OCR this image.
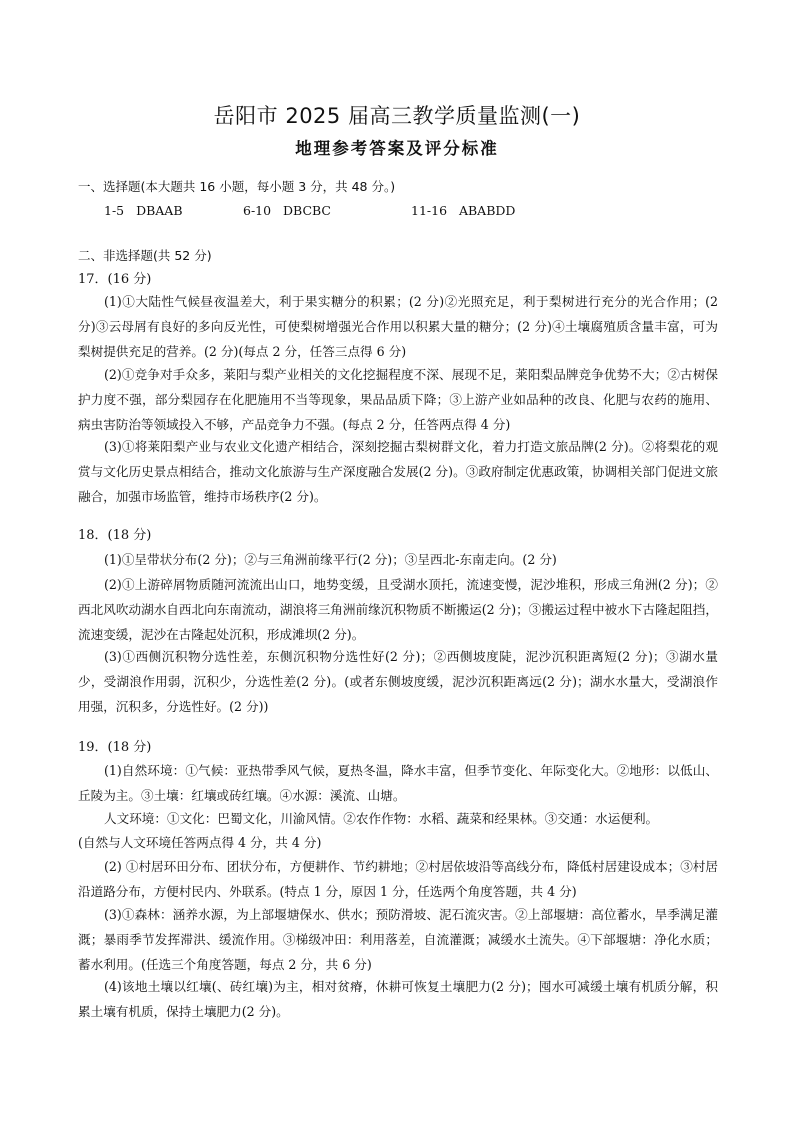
岳阳市 2025 届高三教学质量监测(一)
地理参考答案及评分标准
一、选择题(本大题共 16 小题，每小题 3 分，共 48 分。)
1-5 DBAAB	6-10 DBCBC	11-16 ABABDD
二、非选择题(共 52 分)
17．(16 分)

(1)①大陆性气候昼夜温差大，利于果实糖分的积累；(2 分)②光照充足，利于梨树进行充分的光合作用；(2 分)③云母屑有良好的多向反光性，可使梨树增强光合作用以积累大量的糖分；(2 分)④土壤腐殖质含量丰富，可为梨树提供充足的营养。(2 分)(每点 2 分，任答三点得 6 分)

(2)①竞争对手众多，莱阳与梨产业相关的文化挖掘程度不深、展现不足，莱阳梨品牌竞争优势不大；②古树保护力度不强，部分梨园存在化肥施用不当等现象，果品品质下降；③上游产业如品种的改良、化肥与农药的施用、病虫害防治等领域投入不够，产品竞争力不强。(每点 2 分，任答两点得 4 分)

(3)①将莱阳梨产业与农业文化遗产相结合，深刻挖掘古梨树群文化，着力打造文旅品牌(2 分)。②将梨花的观赏与文化历史景点相结合，推动文化旅游与生产深度融合发展(2 分)。③政府制定优惠政策，协调相关部门促进文旅融合，加强市场监管，维持市场秩序(2 分)。

18．(18 分)

(1)①呈带状分布(2 分)；②与三角洲前缘平行(2 分)；③呈西北-东南走向。(2 分)

(2)①上游碎屑物质随河流流出山口，地势变缓，且受湖水顶托，流速变慢，泥沙堆积，形成三角洲(2 分)；②西北风吹动湖水自西北向东南流动，湖浪将三角洲前缘沉积物质不断搬运(2 分)；③搬运过程中被水下古隆起阻挡，流速变缓，泥沙在古隆起处沉积，形成滩坝(2 分)。

(3)①西侧沉积物分选性差，东侧沉积物分选性好(2 分)；②西侧坡度陡，泥沙沉积距离短(2 分)；③湖水量少，受湖浪作用弱，沉积少，分选性差(2 分)。(或者东侧坡度缓，泥沙沉积距离远(2 分)；湖水水量大，受湖浪作用强，沉积多，分选性好。(2 分))

19．(18 分)

(1)自然环境：①气候：亚热带季风气候，夏热冬温，降水丰富，但季节变化、年际变化大。②地形：以低山、丘陵为主。③土壤：红壤或砖红壤。④水源：溪流、山塘。

人文环境：①文化：巴蜀文化，川渝风情。②农作作物：水稻、蔬菜和经果林。③交通：水运便利。

(自然与人文环境任答两点得 4 分，共 4 分)

(2) ①村居环田分布、团状分布，方便耕作、节约耕地；②村居依坡沿等高线分布，降低村居建设成本；③村居沿道路分布，方便村民内、外联系。(特点 1 分，原因 1 分，任选两个角度答题，共 4 分)

(3)①森林：涵养水源，为上部堰塘保水、供水；预防滑坡、泥石流灾害。②上部堰塘：高位蓄水，旱季满足灌溉；暴雨季节发挥滞洪、缓流作用。③梯级冲田：利用落差，自流灌溉；减缓水土流失。④下部堰塘：净化水质；蓄水利用。(任选三个角度答题，每点 2 分，共 6 分)

(4)该地土壤以红壤(、砖红壤)为主，相对贫瘠，休耕可恢复土壤肥力(2 分)；囤水可减缓土壤有机质分解，积累土壤有机质，保持土壤肥力(2 分)。
